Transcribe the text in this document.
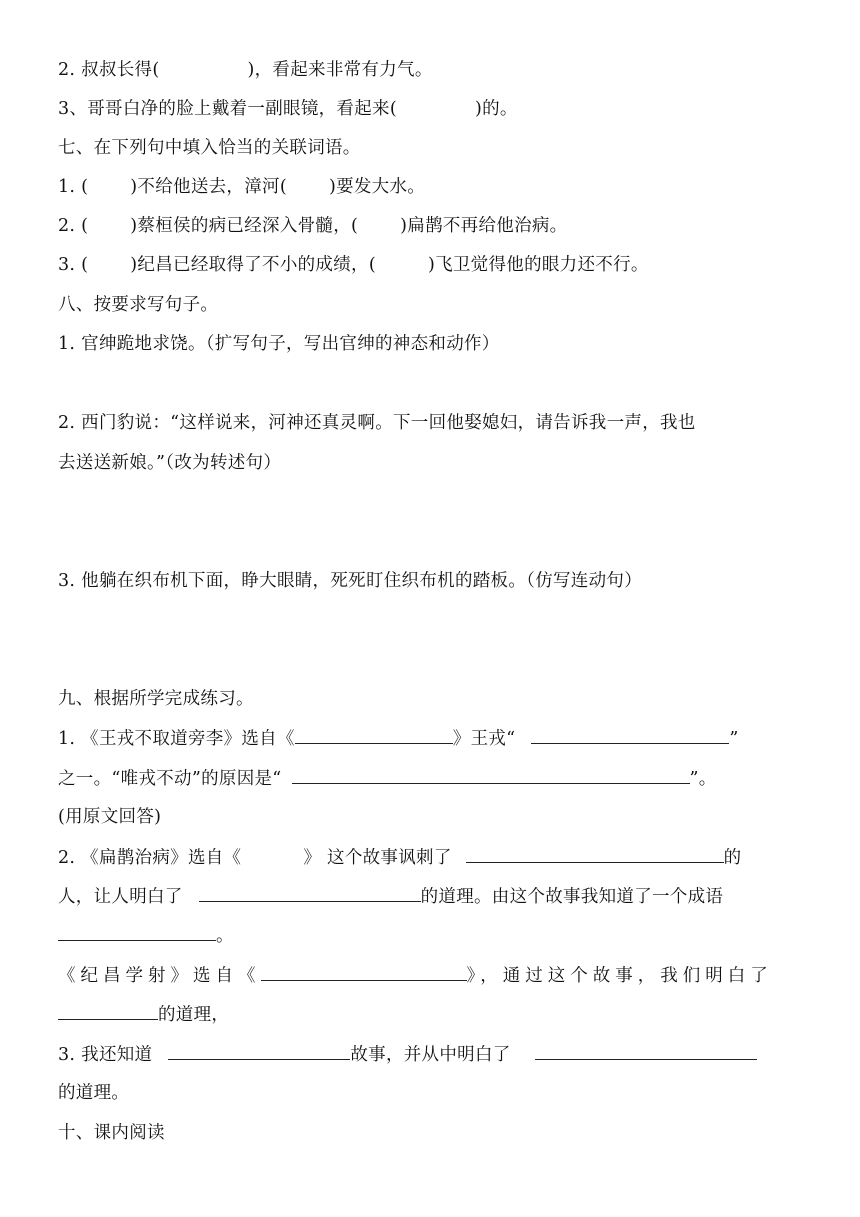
2. 叔叔长得(	)，看起来非常有力气。
3、哥哥白净的脸上戴着一副眼镜，看起来(	)的。
七、在下列句中填入恰当的关联词语。
1. ( )不给他送去，漳河( )要发大水。
2. ( )蔡桓侯的病已经深入骨髓，( )扁鹊不再给他治病。
3. ( )纪昌已经取得了不小的成绩，(	)飞卫觉得他的眼力还不行。
八、按要求写句子。
1. 官绅跪地求饶。（扩写句子，写出官绅的神态和动作）
2. 西门豹说：“这样说来，河神还真灵啊。下一回他娶媳妇，请告诉我一声，我也
去送送新娘。”（改为转述句）
3. 他躺在织布机下面，睁大眼睛，死死盯住织布机的踏板。（仿写连动句）
九、根据所学完成练习。
1. 《王戎不取道旁李》选自《	》王戎“	”
之一。“唯戎不动”的原因是“	”。
(用原文回答)
2. 《扁鹊治病》选自《	》 这个故事讽刺了	的
人，让人明白了	的道理。由这个故事我知道了一个成语
。
《纪昌学射》选自《	》，通过这个故事，我们明白了
的道理，
3. 我还知道	故事，并从中明白了
的道理。
十、课内阅读
